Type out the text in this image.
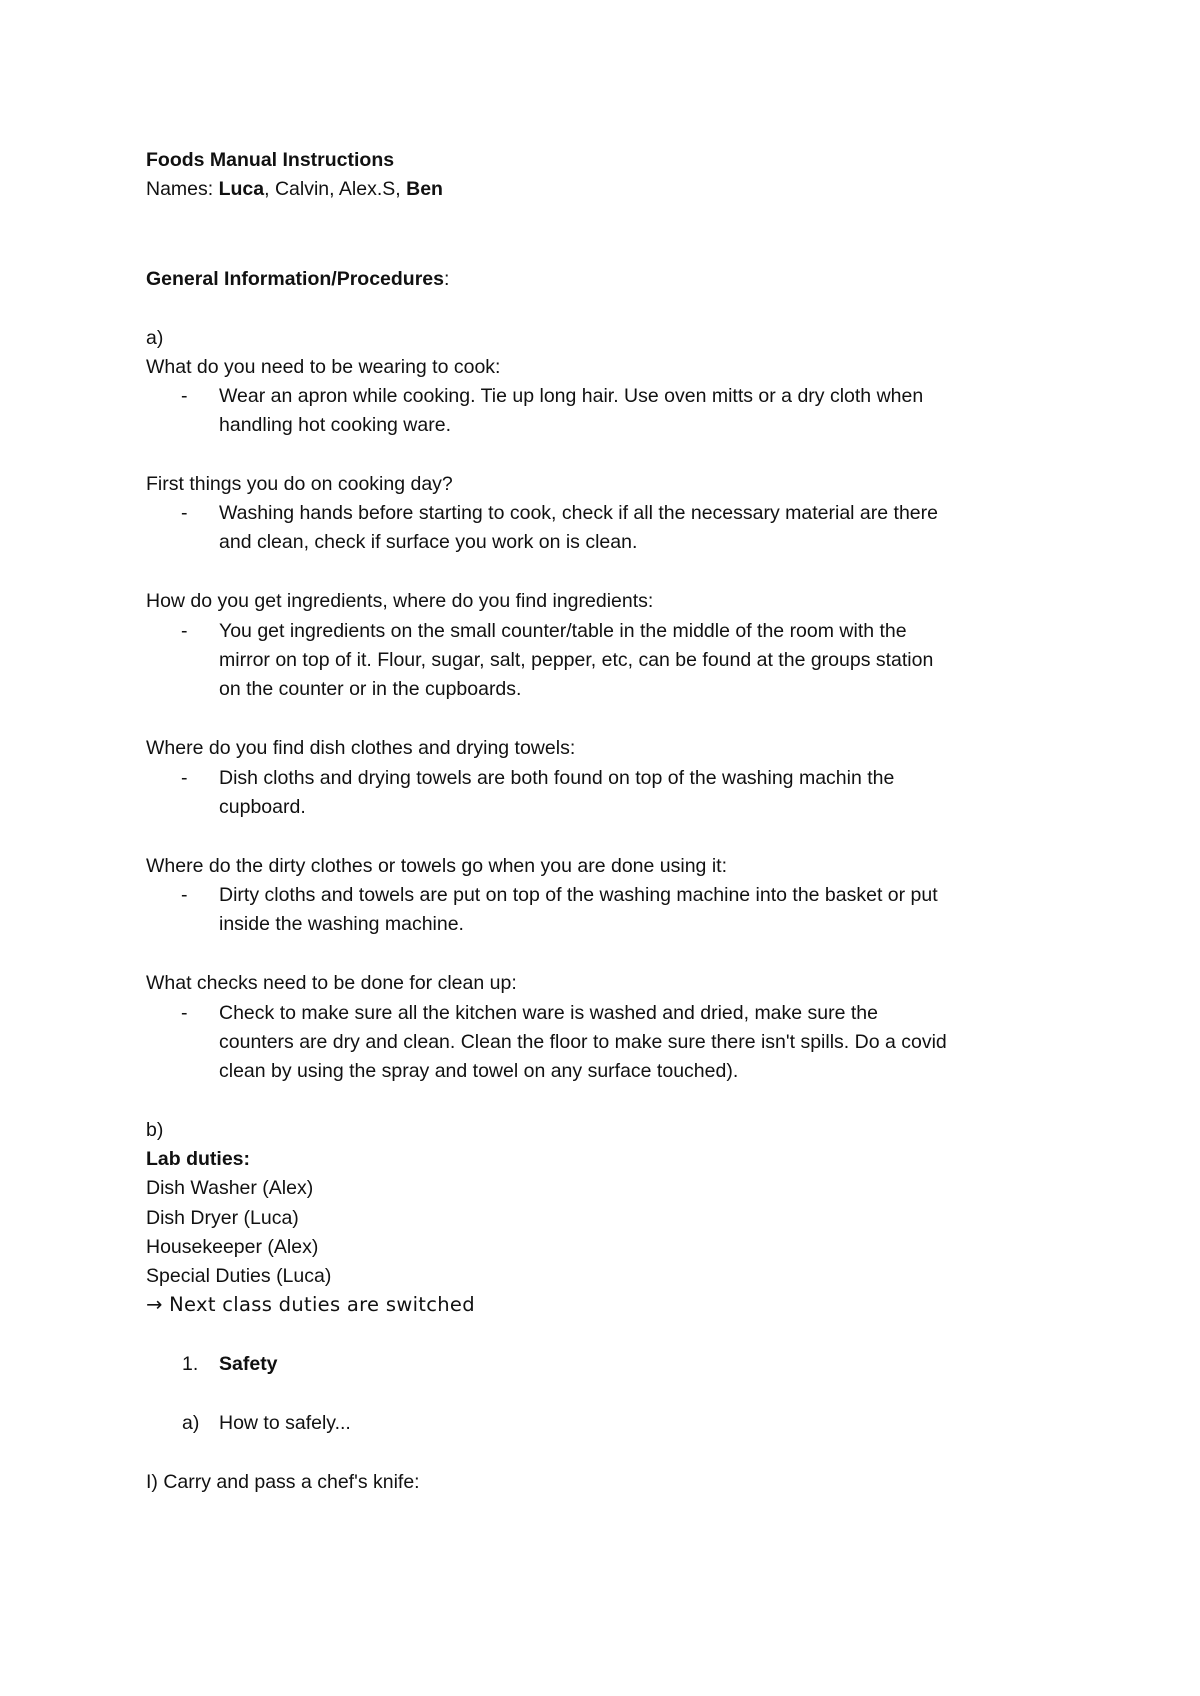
Foods Manual Instructions
Names: Luca, Calvin, Alex.S, Ben
General Information/Procedures:
a)
What do you need to be wearing to cook:
- Wear an apron while cooking. Tie up long hair. Use oven mitts or a dry cloth when
handling hot cooking ware.
First things you do on cooking day?
- Washing hands before starting to cook, check if all the necessary material are there
and clean, check if surface you work on is clean.
How do you get ingredients, where do you find ingredients:
- You get ingredients on the small counter/table in the middle of the room with the
mirror on top of it. Flour, sugar, salt, pepper, etc, can be found at the groups station
on the counter or in the cupboards.
Where do you find dish clothes and drying towels:
- Dish cloths and drying towels are both found on top of the washing machin the
cupboard.
Where do the dirty clothes or towels go when you are done using it:
- Dirty cloths and towels are put on top of the washing machine into the basket or put
inside the washing machine.
What checks need to be done for clean up:
- Check to make sure all the kitchen ware is washed and dried, make sure the
counters are dry and clean. Clean the floor to make sure there isn't spills. Do a covid
clean by using the spray and towel on any surface touched).
b)
Lab duties:
Dish Washer (Alex)
Dish Dryer (Luca)
Housekeeper (Alex)
Special Duties (Luca)
→ Next class duties are switched
1. Safety
a) How to safely...
I) Carry and pass a chef's knife:
